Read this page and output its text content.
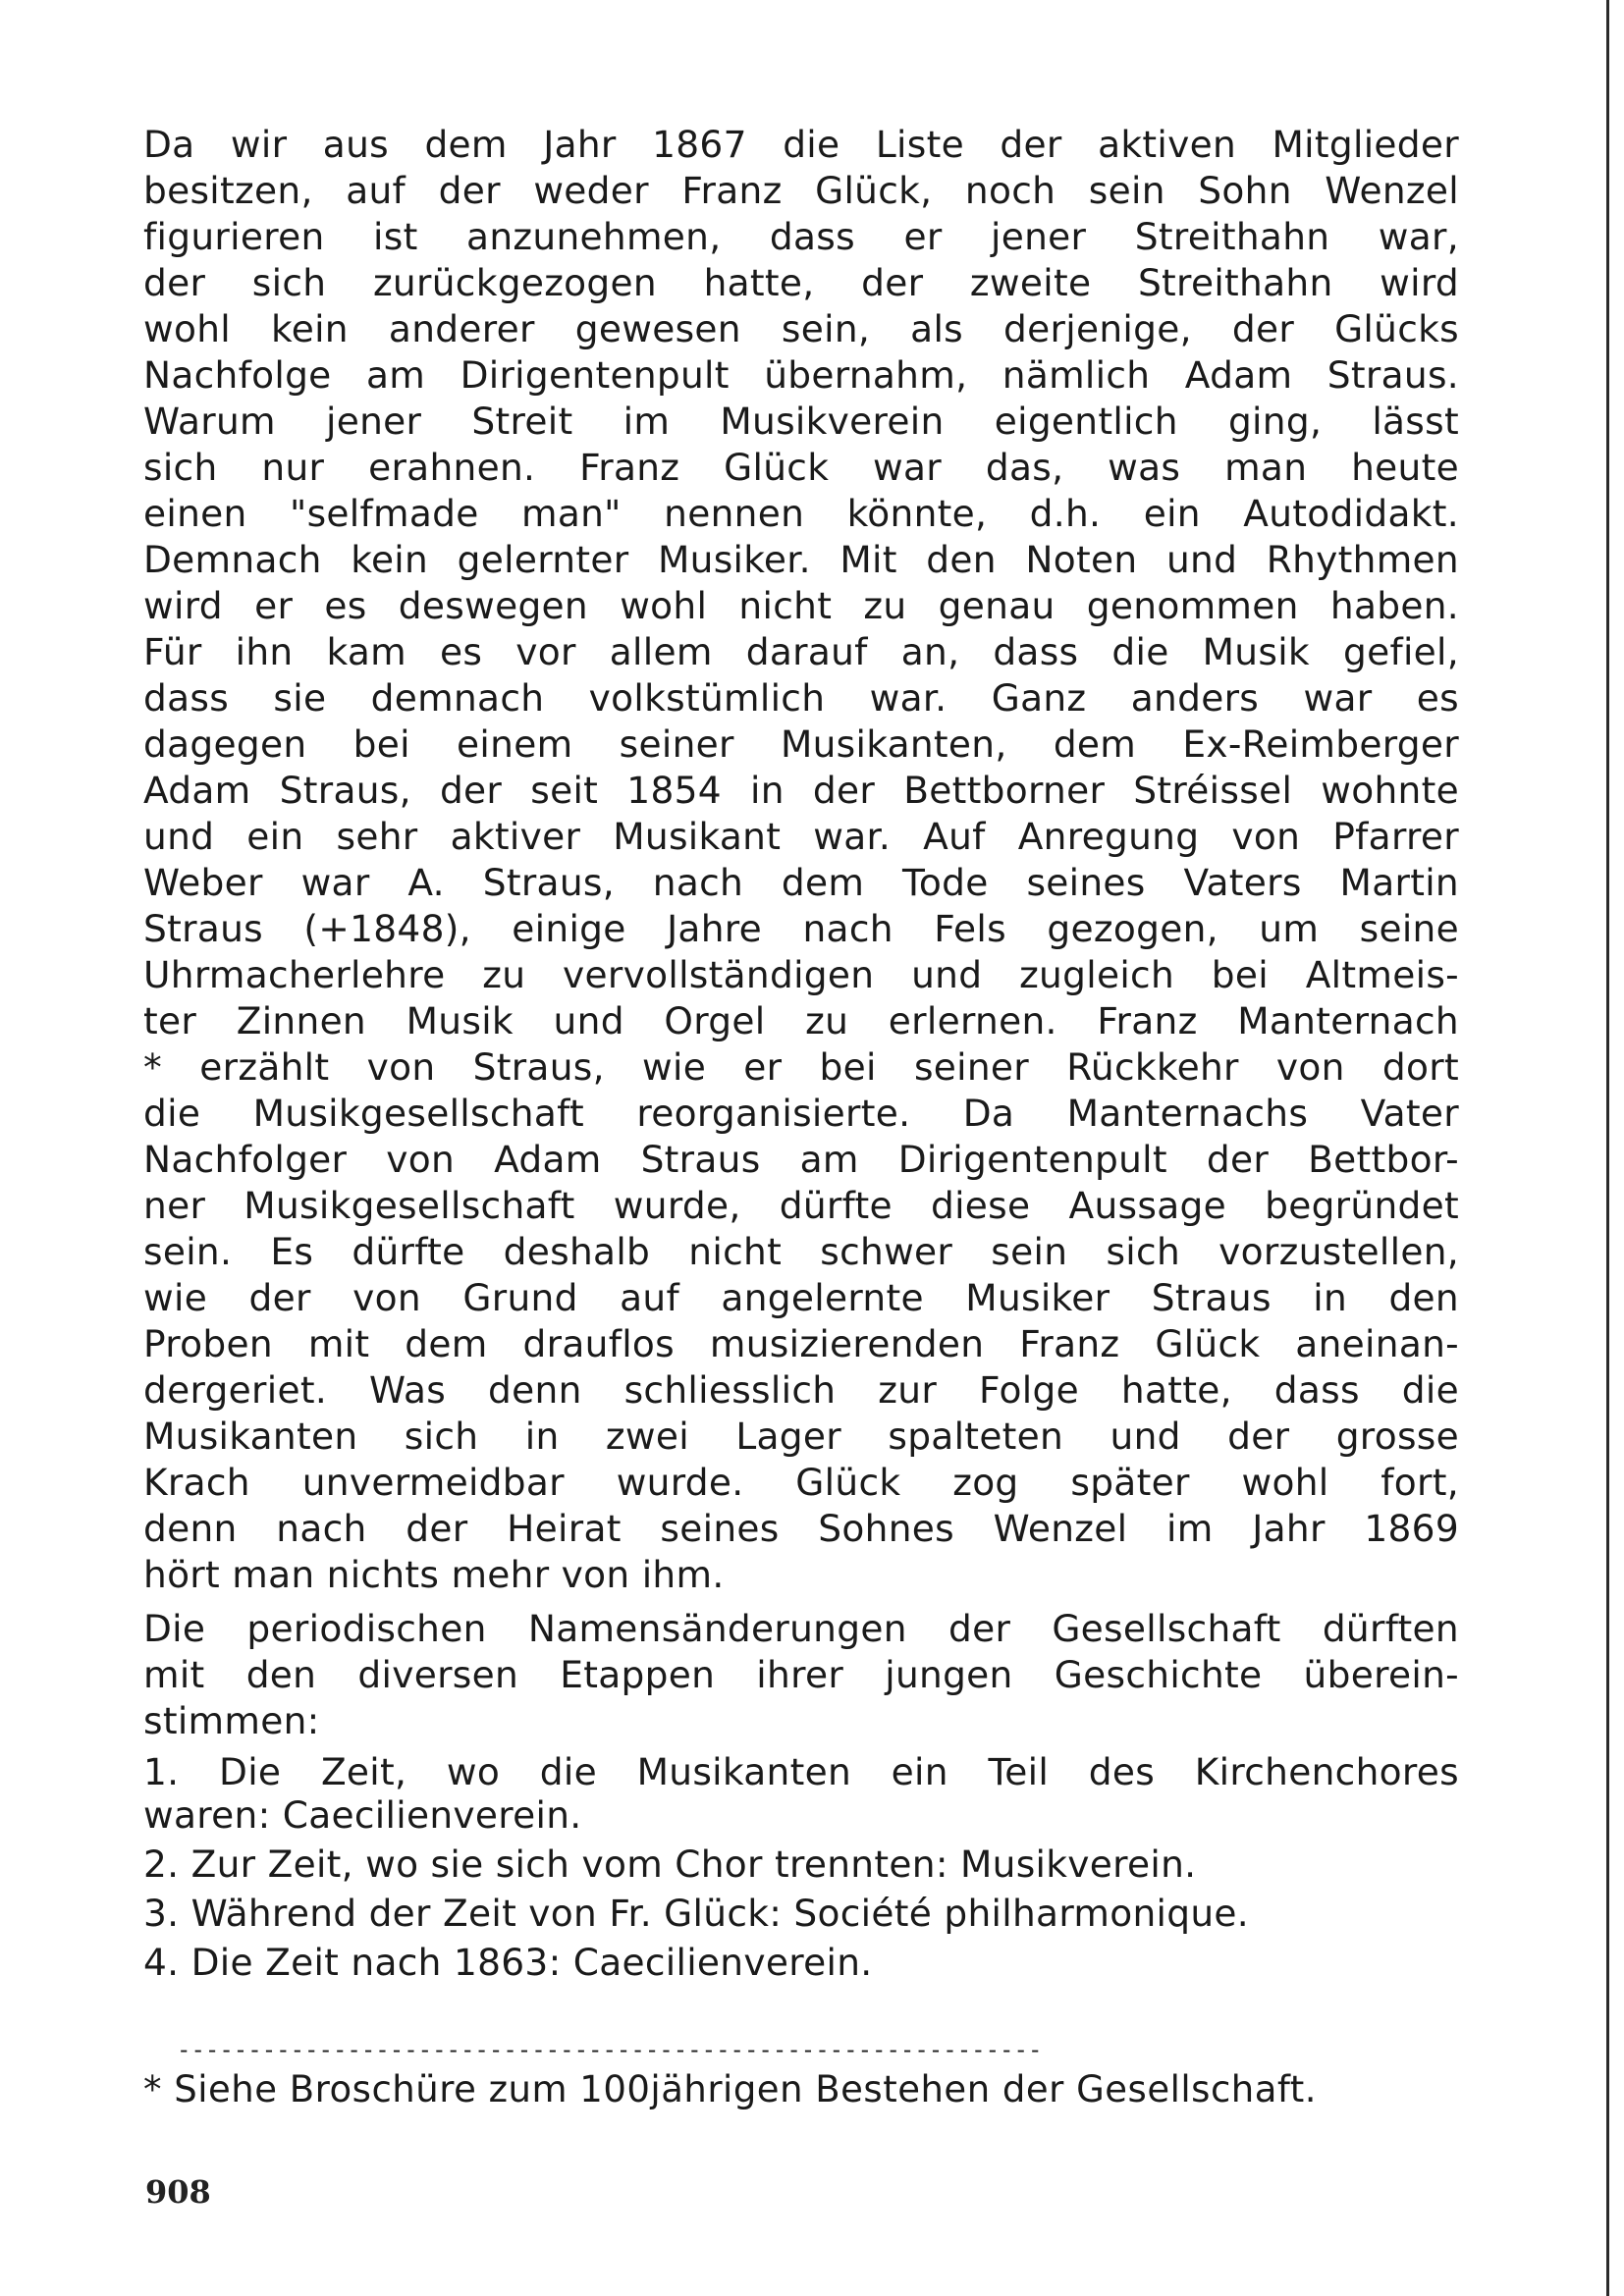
Da wir aus dem Jahr 1867 die Liste der aktiven Mitglieder
besitzen, auf der weder Franz Glück, noch sein Sohn Wenzel
figurieren ist anzunehmen, dass er jener Streithahn war,
der sich zurückgezogen hatte, der zweite Streithahn wird
wohl kein anderer gewesen sein, als derjenige, der Glücks
Nachfolge am Dirigentenpult übernahm, nämlich Adam Straus.
Warum jener Streit im Musikverein eigentlich ging, lässt
sich nur erahnen. Franz Glück war das, was man heute
einen "selfmade man" nennen könnte, d.h. ein Autodidakt.
Demnach kein gelernter Musiker. Mit den Noten und Rhythmen
wird er es deswegen wohl nicht zu genau genommen haben.
Für ihn kam es vor allem darauf an, dass die Musik gefiel,
dass sie demnach volkstümlich war. Ganz anders war es
dagegen bei einem seiner Musikanten, dem Ex-Reimberger
Adam Straus, der seit 1854 in der Bettborner Stréissel wohnte
und ein sehr aktiver Musikant war. Auf Anregung von Pfarrer
Weber war A. Straus, nach dem Tode seines Vaters Martin
Straus (+1848), einige Jahre nach Fels gezogen, um seine
Uhrmacherlehre zu vervollständigen und zugleich bei Altmeis-
ter Zinnen Musik und Orgel zu erlernen. Franz Manternach
* erzählt von Straus, wie er bei seiner Rückkehr von dort
die Musikgesellschaft reorganisierte. Da Manternachs Vater
Nachfolger von Adam Straus am Dirigentenpult der Bettbor-
ner Musikgesellschaft wurde, dürfte diese Aussage begründet
sein. Es dürfte deshalb nicht schwer sein sich vorzustellen,
wie der von Grund auf angelernte Musiker Straus in den
Proben mit dem drauflos musizierenden Franz Glück aneinan-
dergeriet. Was denn schliesslich zur Folge hatte, dass die
Musikanten sich in zwei Lager spalteten und der grosse
Krach unvermeidbar wurde. Glück zog später wohl fort,
denn nach der Heirat seines Sohnes Wenzel im Jahr 1869
hört man nichts mehr von ihm.
Die periodischen Namensänderungen der Gesellschaft dürften
mit den diversen Etappen ihrer jungen Geschichte überein-
stimmen:
1. Die Zeit, wo die Musikanten ein Teil des Kirchenchores
waren: Caecilienverein.
2. Zur Zeit, wo sie sich vom Chor trennten: Musikverein.
3. Während der Zeit von Fr. Glück: Société philharmonique.
4. Die Zeit nach 1863: Caecilienverein.
-------------------------------------------------------------
* Siehe Broschüre zum 100jährigen Bestehen der Gesellschaft.
908
